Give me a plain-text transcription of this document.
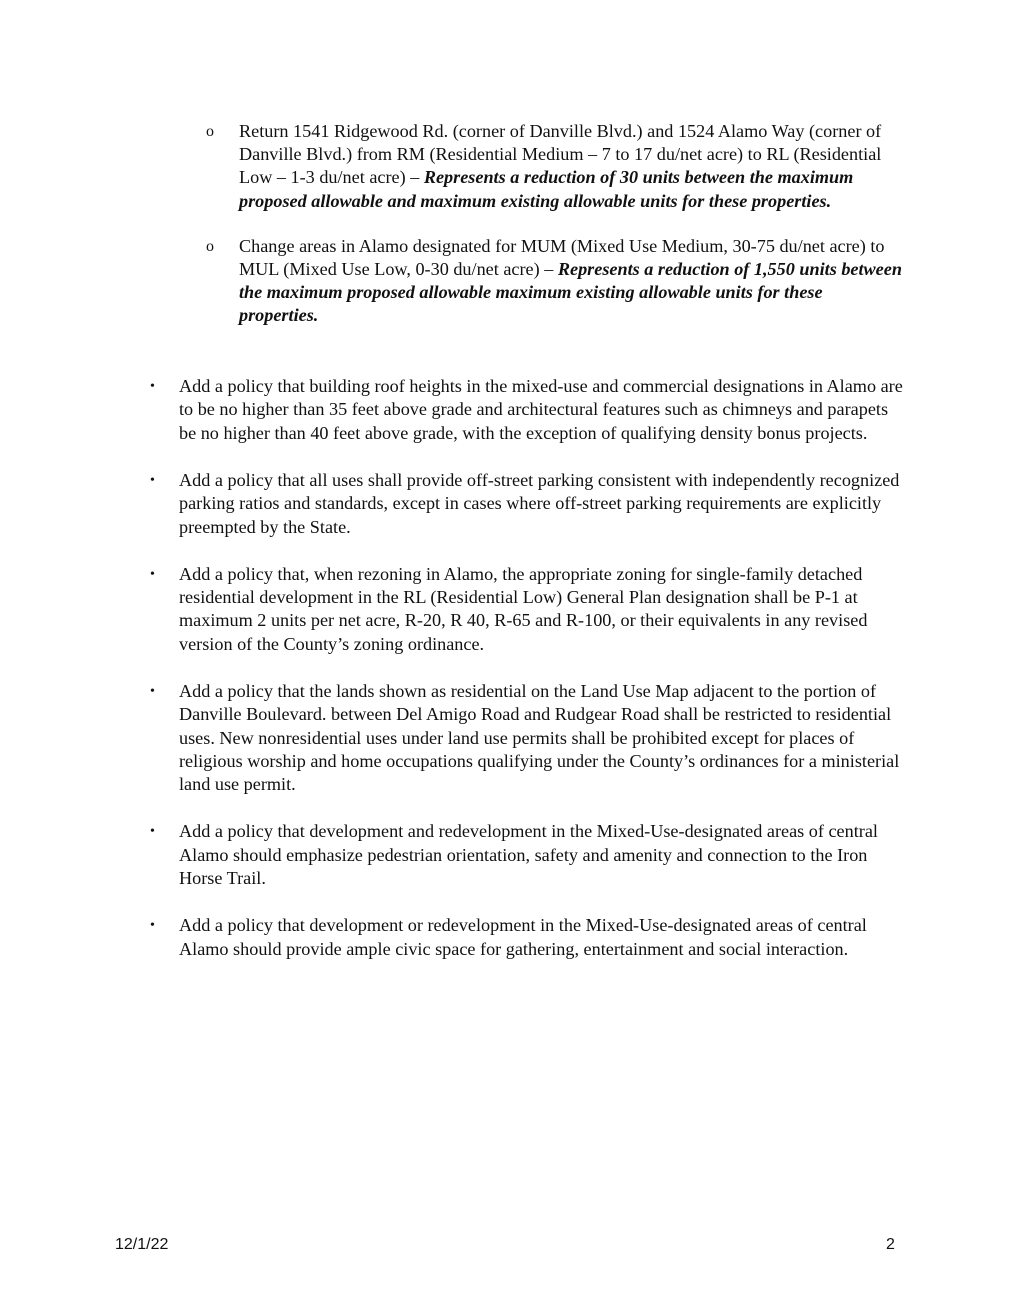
o Return 1541 Ridgewood Rd. (corner of Danville Blvd.) and 1524 Alamo Way (corner of Danville Blvd.) from RM (Residential Medium – 7 to 17 du/net acre) to RL (Residential Low – 1-3 du/net acre) – Represents a reduction of 30 units between the maximum proposed allowable and maximum existing allowable units for these properties.
o Change areas in Alamo designated for MUM (Mixed Use Medium, 30-75 du/net acre) to MUL (Mixed Use Low, 0-30 du/net acre) – Represents a reduction of 1,550 units between the maximum proposed allowable maximum existing allowable units for these properties.
• Add a policy that building roof heights in the mixed-use and commercial designations in Alamo are to be no higher than 35 feet above grade and architectural features such as chimneys and parapets be no higher than 40 feet above grade, with the exception of qualifying density bonus projects.
• Add a policy that all uses shall provide off-street parking consistent with independently recognized parking ratios and standards, except in cases where off-street parking requirements are explicitly preempted by the State.
• Add a policy that, when rezoning in Alamo, the appropriate zoning for single-family detached residential development in the RL (Residential Low) General Plan designation shall be P-1 at maximum 2 units per net acre, R-20, R 40, R-65 and R-100, or their equivalents in any revised version of the County’s zoning ordinance.
• Add a policy that the lands shown as residential on the Land Use Map adjacent to the portion of Danville Boulevard. between Del Amigo Road and Rudgear Road shall be restricted to residential uses. New nonresidential uses under land use permits shall be prohibited except for places of religious worship and home occupations qualifying under the County’s ordinances for a ministerial land use permit.
• Add a policy that development and redevelopment in the Mixed-Use-designated areas of central Alamo should emphasize pedestrian orientation, safety and amenity and connection to the Iron Horse Trail.
• Add a policy that development or redevelopment in the Mixed-Use-designated areas of central Alamo should provide ample civic space for gathering, entertainment and social interaction.
12/1/22	2
